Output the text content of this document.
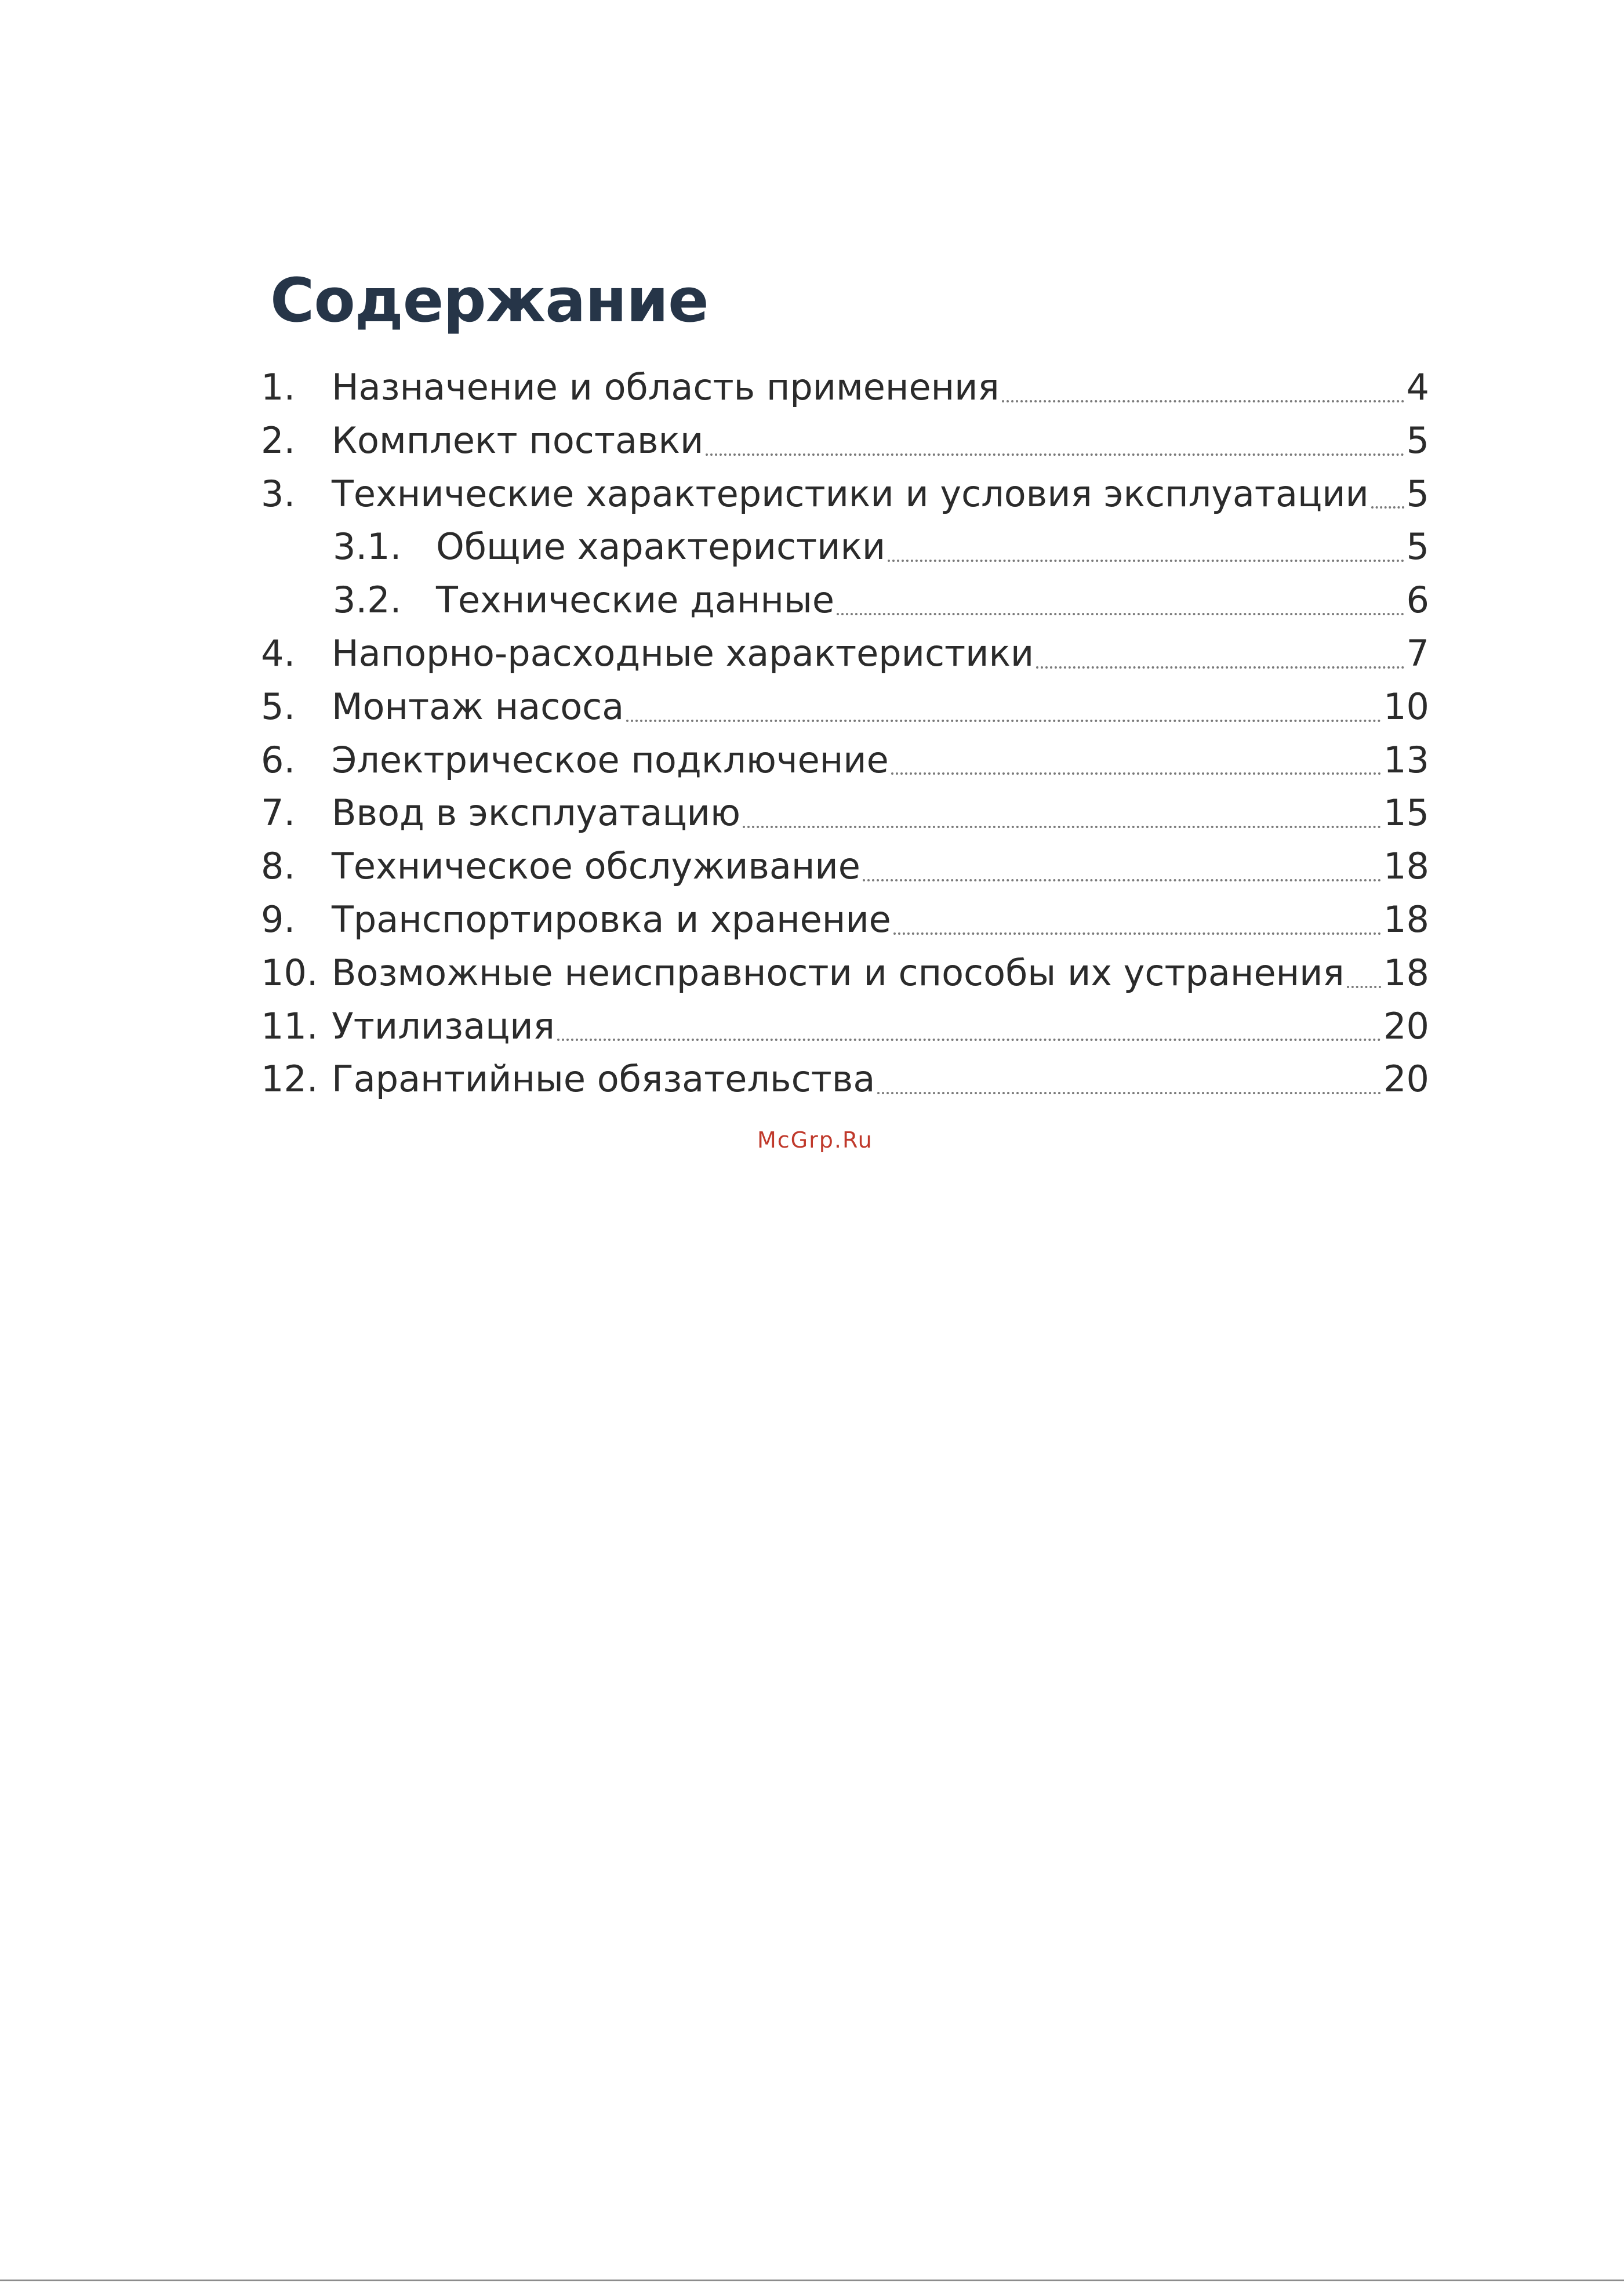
Содержание
1. Назначение и область применения	4
2. Комплект поставки	5
3. Технические характеристики и условия эксплуатации 5
3.1. Общие характеристики	5
3.2. Технические данные	6
4. Напорно-расходные характеристики	7
5. Монтаж насоса	10
6. Электрическое подключение	13
7. Ввод в эксплуатацию	15
8. Техническое обслуживание	18
9. Транспортировка и хранение	18
10. Возможные неисправности и способы их устранения 18
11. Утилизация	20
12. Гарантийные обязательства	20
McGrp.Ru
